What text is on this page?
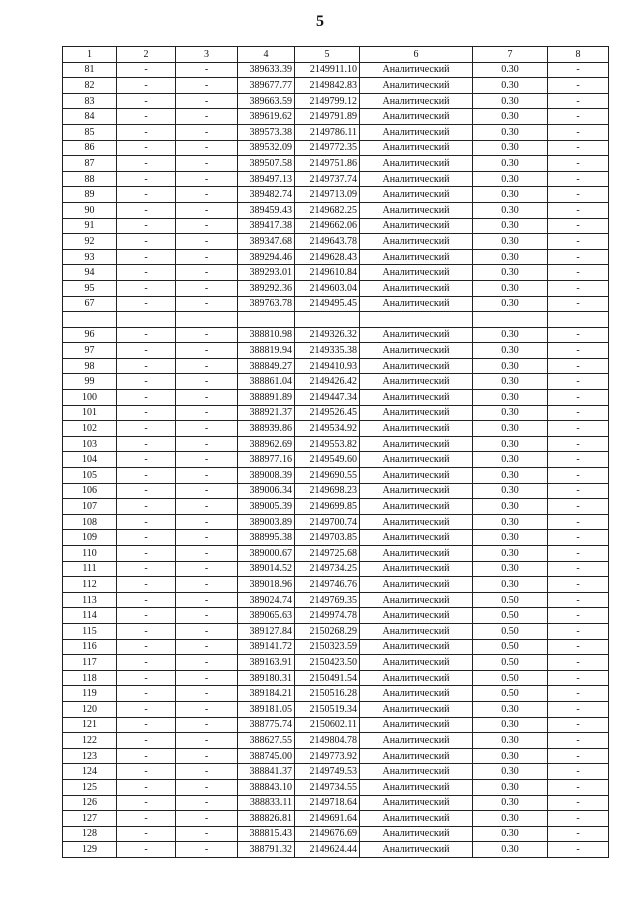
5
1	2	3	4	5	6	7	8
81	-	-	389633.39	2149911.10	Аналитический	0.30	-
82	-	-	389677.77	2149842.83	Аналитический	0.30	-
83	-	-	389663.59	2149799.12	Аналитический	0.30	-
84	-	-	389619.62	2149791.89	Аналитический	0.30	-
85	-	-	389573.38	2149786.11	Аналитический	0.30	-
86	-	-	389532.09	2149772.35	Аналитический	0.30	-
87	-	-	389507.58	2149751.86	Аналитический	0.30	-
88	-	-	389497.13	2149737.74	Аналитический	0.30	-
89	-	-	389482.74	2149713.09	Аналитический	0.30	-
90	-	-	389459.43	2149682.25	Аналитический	0.30	-
91	-	-	389417.38	2149662.06	Аналитический	0.30	-
92	-	-	389347.68	2149643.78	Аналитический	0.30	-
93	-	-	389294.46	2149628.43	Аналитический	0.30	-
94	-	-	389293.01	2149610.84	Аналитический	0.30	-
95	-	-	389292.36	2149603.04	Аналитический	0.30	-
67	-	-	389763.78	2149495.45	Аналитический	0.30	-

96	-	-	388810.98	2149326.32	Аналитический	0.30	-
97	-	-	388819.94	2149335.38	Аналитический	0.30	-
98	-	-	388849.27	2149410.93	Аналитический	0.30	-
99	-	-	388861.04	2149426.42	Аналитический	0.30	-
100	-	-	388891.89	2149447.34	Аналитический	0.30	-
101	-	-	388921.37	2149526.45	Аналитический	0.30	-
102	-	-	388939.86	2149534.92	Аналитический	0.30	-
103	-	-	388962.69	2149553.82	Аналитический	0.30	-
104	-	-	388977.16	2149549.60	Аналитический	0.30	-
105	-	-	389008.39	2149690.55	Аналитический	0.30	-
106	-	-	389006.34	2149698.23	Аналитический	0.30	-
107	-	-	389005.39	2149699.85	Аналитический	0.30	-
108	-	-	389003.89	2149700.74	Аналитический	0.30	-
109	-	-	388995.38	2149703.85	Аналитический	0.30	-
110	-	-	389000.67	2149725.68	Аналитический	0.30	-
111	-	-	389014.52	2149734.25	Аналитический	0.30	-
112	-	-	389018.96	2149746.76	Аналитический	0.30	-
113	-	-	389024.74	2149769.35	Аналитический	0.50	-
114	-	-	389065.63	2149974.78	Аналитический	0.50	-
115	-	-	389127.84	2150268.29	Аналитический	0.50	-
116	-	-	389141.72	2150323.59	Аналитический	0.50	-
117	-	-	389163.91	2150423.50	Аналитический	0.50	-
118	-	-	389180.31	2150491.54	Аналитический	0.50	-
119	-	-	389184.21	2150516.28	Аналитический	0.50	-
120	-	-	389181.05	2150519.34	Аналитический	0.30	-
121	-	-	388775.74	2150602.11	Аналитический	0.30	-
122	-	-	388627.55	2149804.78	Аналитический	0.30	-
123	-	-	388745.00	2149773.92	Аналитический	0.30	-
124	-	-	388841.37	2149749.53	Аналитический	0.30	-
125	-	-	388843.10	2149734.55	Аналитический	0.30	-
126	-	-	388833.11	2149718.64	Аналитический	0.30	-
127	-	-	388826.81	2149691.64	Аналитический	0.30	-
128	-	-	388815.43	2149676.69	Аналитический	0.30	-
129	-	-	388791.32	2149624.44	Аналитический	0.30	-
